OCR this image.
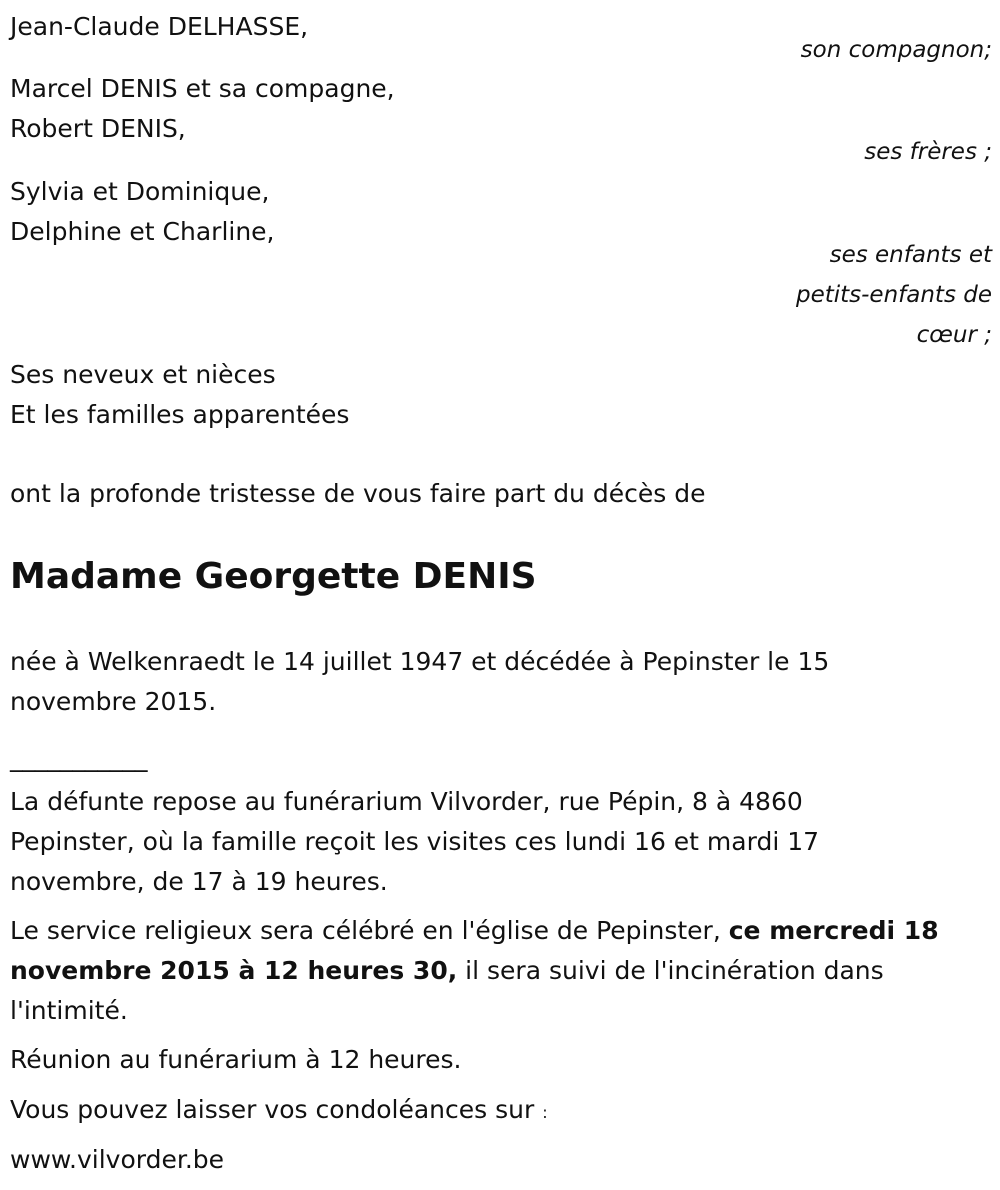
Jean-Claude DELHASSE,
son compagnon;
Marcel DENIS et sa compagne,
Robert DENIS,
ses frères ;
Sylvia et Dominique,
Delphine et Charline,
ses enfants et
petits-enfants de
cœur ;
Ses neveux et nièces
Et les familles apparentées
ont la profonde tristesse de vous faire part du décès de
Madame Georgette DENIS
née à Welkenraedt le 14 juillet 1947 et décédée à Pepinster le 15
novembre 2015.
___________
La défunte repose au funérarium Vilvorder, rue Pépin, 8 à 4860
Pepinster, où la famille reçoit les visites ces lundi 16 et mardi 17
novembre, de 17 à 19 heures.
Le service religieux sera célébré en l'église de Pepinster, ce mercredi 18
novembre 2015 à 12 heures 30, il sera suivi de l'incinération dans
l'intimité.
Réunion au funérarium à 12 heures.
Vous pouvez laisser vos condoléances sur :
www.vilvorder.be
